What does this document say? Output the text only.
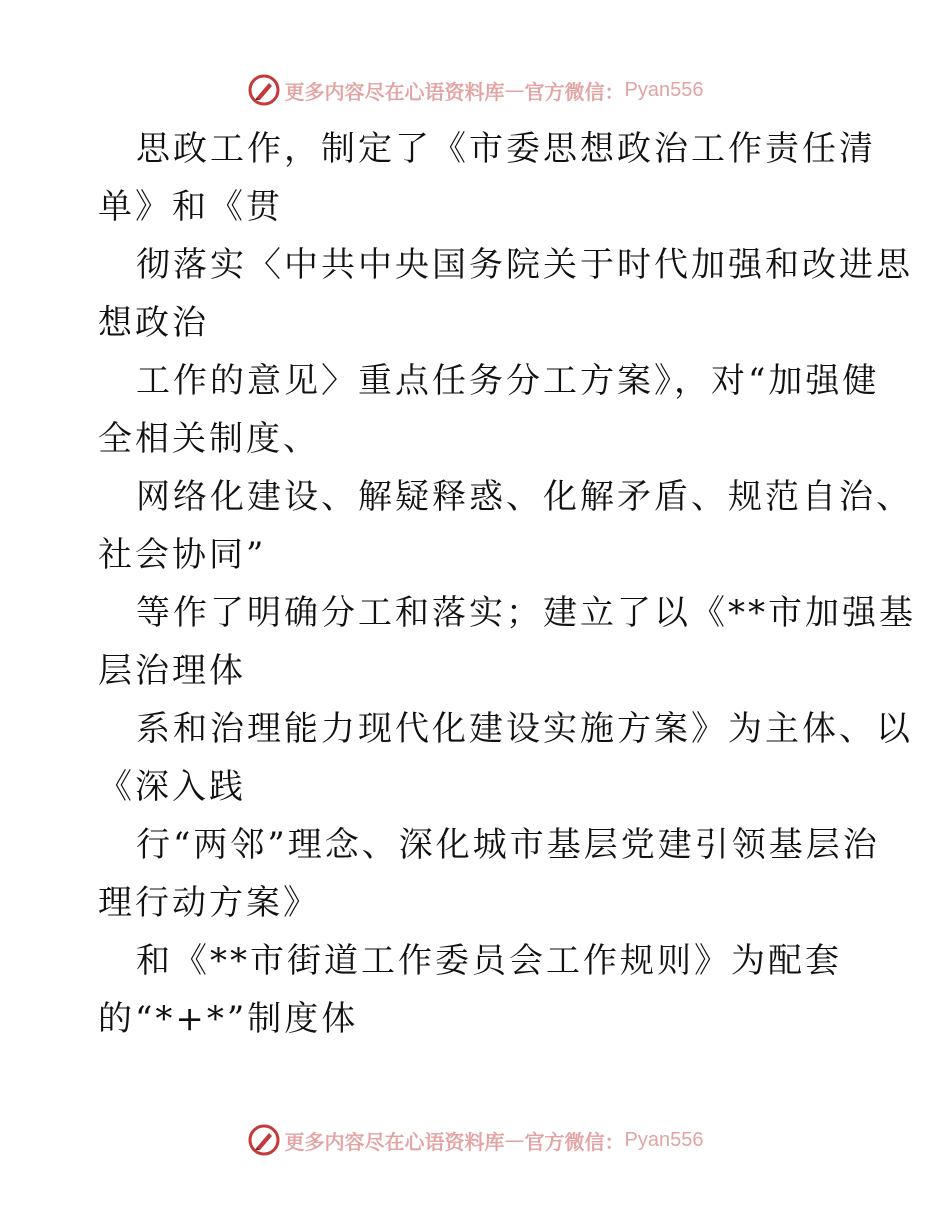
更多内容尽在心语资料库 — 官方微信： Pyan556
思政工作，制定了《市委思想政治工作责任清
单》和《贯
彻落实〈中共中央国务院关于时代加强和改进思
想政治
工作的意见〉重点任务分工方案》，对“加强健
全相关制度、
网络化建设、解疑释惑、化解矛盾、规范自治、
社会协同”
等作了明确分工和落实；建立了以《**市加强基
层治理体
系和治理能力现代化建设实施方案》为主体、以
《深入践
行“两邻”理念、深化城市基层党建引领基层治
理行动方案》
和《**市街道工作委员会工作规则》为配套
的“*+*”制度体
更多内容尽在心语资料库 — 官方微信： Pyan556
